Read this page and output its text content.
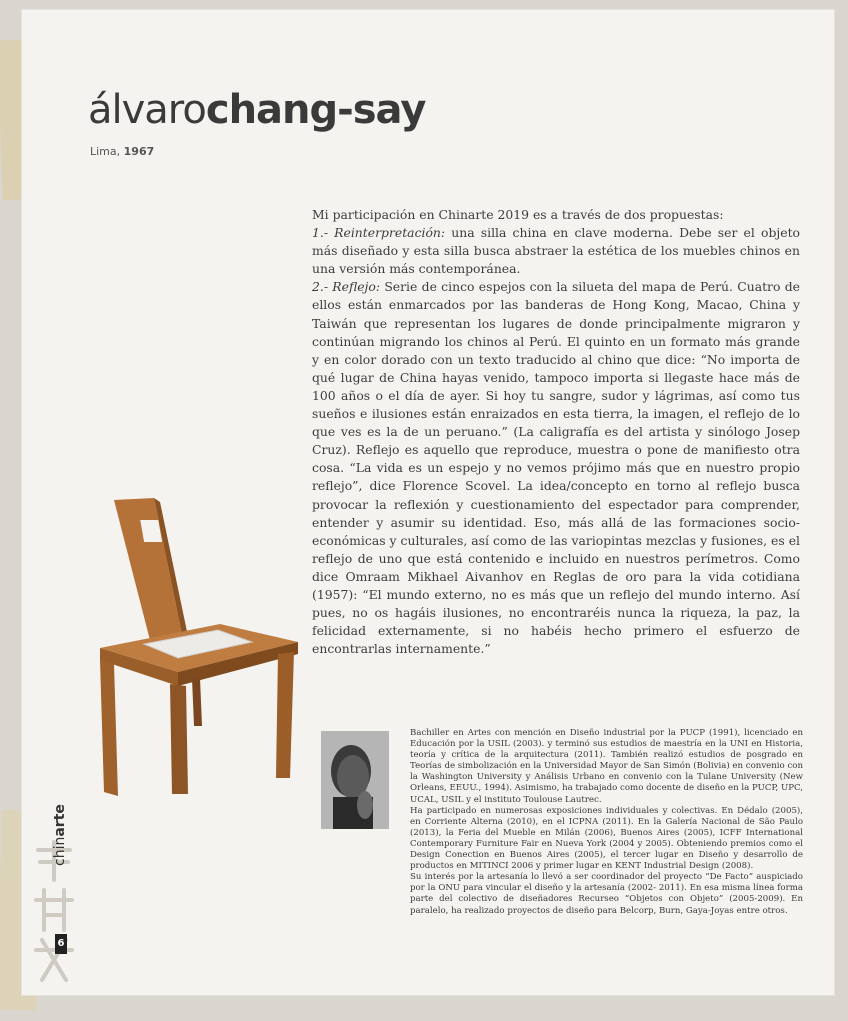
álvarochang-say
Lima, 1967

Mi participación en Chinarte 2019 es a través de dos propuestas:

1.- Reinterpretación: una silla china en clave moderna. Debe ser el objeto más diseñado y esta silla busca abstraer la estética de los muebles chinos en una versión más contemporánea.

2.- Reflejo: Serie de cinco espejos con la silueta del mapa de Perú. Cuatro de ellos están enmarcados por las banderas de Hong Kong, Macao, China y Taiwán que representan los lugares de donde principalmente migraron y continúan migrando los chinos al Perú. El quinto en un formato más grande y en color dorado con un texto traducido al chino que dice: “No importa de qué lugar de China hayas venido, tampoco importa si llegaste hace más de 100 años o el día de ayer. Si hoy tu sangre, sudor y lágrimas, así como tus sueños e ilusiones están enraizados en esta tierra, la imagen, el reflejo de lo que ves es la de un peruano.” (La caligrafía es del artista y sinólogo Josep Cruz). Reflejo es aquello que reproduce, muestra o pone de manifiesto otra cosa. “La vida es un espejo y no vemos prójimo más que en nuestro propio reflejo”, dice Florence Scovel. La idea/concepto en torno al reflejo busca provocar la reflexión y cuestionamiento del espectador para comprender, entender y asumir su identidad. Eso, más allá de las formaciones socio-económicas y culturales, así como de las variopintas mezclas y fusiones, es el reflejo de uno que está contenido e incluido en nuestros perímetros. Como dice Omraam Mikhael Aivanhov en Reglas de oro para la vida cotidiana (1957): “El mundo externo, no es más que un reflejo del mundo interno. Así pues, no os hagáis ilusiones, no encontraréis nunca la riqueza, la paz, la felicidad externamente, si no habéis hecho primero el esfuerzo de encontrarlas internamente.”

Bachiller en Artes con mención en Diseño industrial por la PUCP (1991), licenciado en Educación por la USIL (2003). y terminó sus estudios de maestría en la UNI en Historia, teoría y crítica de la arquitectura (2011). También realizó estudios de posgrado en Teorías de simbolización en la Universidad Mayor de San Simón (Bolivia) en convenio con la Washington University y Análisis Urbano en convenio con la Tulane University (New Orleans, EEUU., 1994). Asimismo, ha trabajado como docente de diseño en la PUCP, UPC, UCAL, USIL y el instituto Toulouse Lautrec.

Ha participado en numerosas exposiciones individuales y colectivas. En Dédalo (2005), en Corriente Alterna (2010), en el ICPNA (2011). En la Galería Nacional de São Paulo (2013), la Feria del Mueble en Milán (2006), Buenos Aires (2005), ICFF International Contemporary Furniture Fair en Nueva York (2004 y 2005). Obteniendo premios como el Design Conection en Buenos Aires (2005), el tercer lugar en Diseño y desarrollo de productos en MITINCI 2006 y primer lugar en KENT Industrial Design (2008).

Su interés por la artesanía lo llevó a ser coordinador del proyecto “De Facto” auspiciado por la ONU para vincular el diseño y la artesanía (2002- 2011). En esa misma línea forma parte del colectivo de diseñadores Recurseo “Objetos con Objeto” (2005-2009). En paralelo, ha realizado proyectos de diseño para Belcorp, Burn, Gaya-Joyas entre otros.

chinarte
6
